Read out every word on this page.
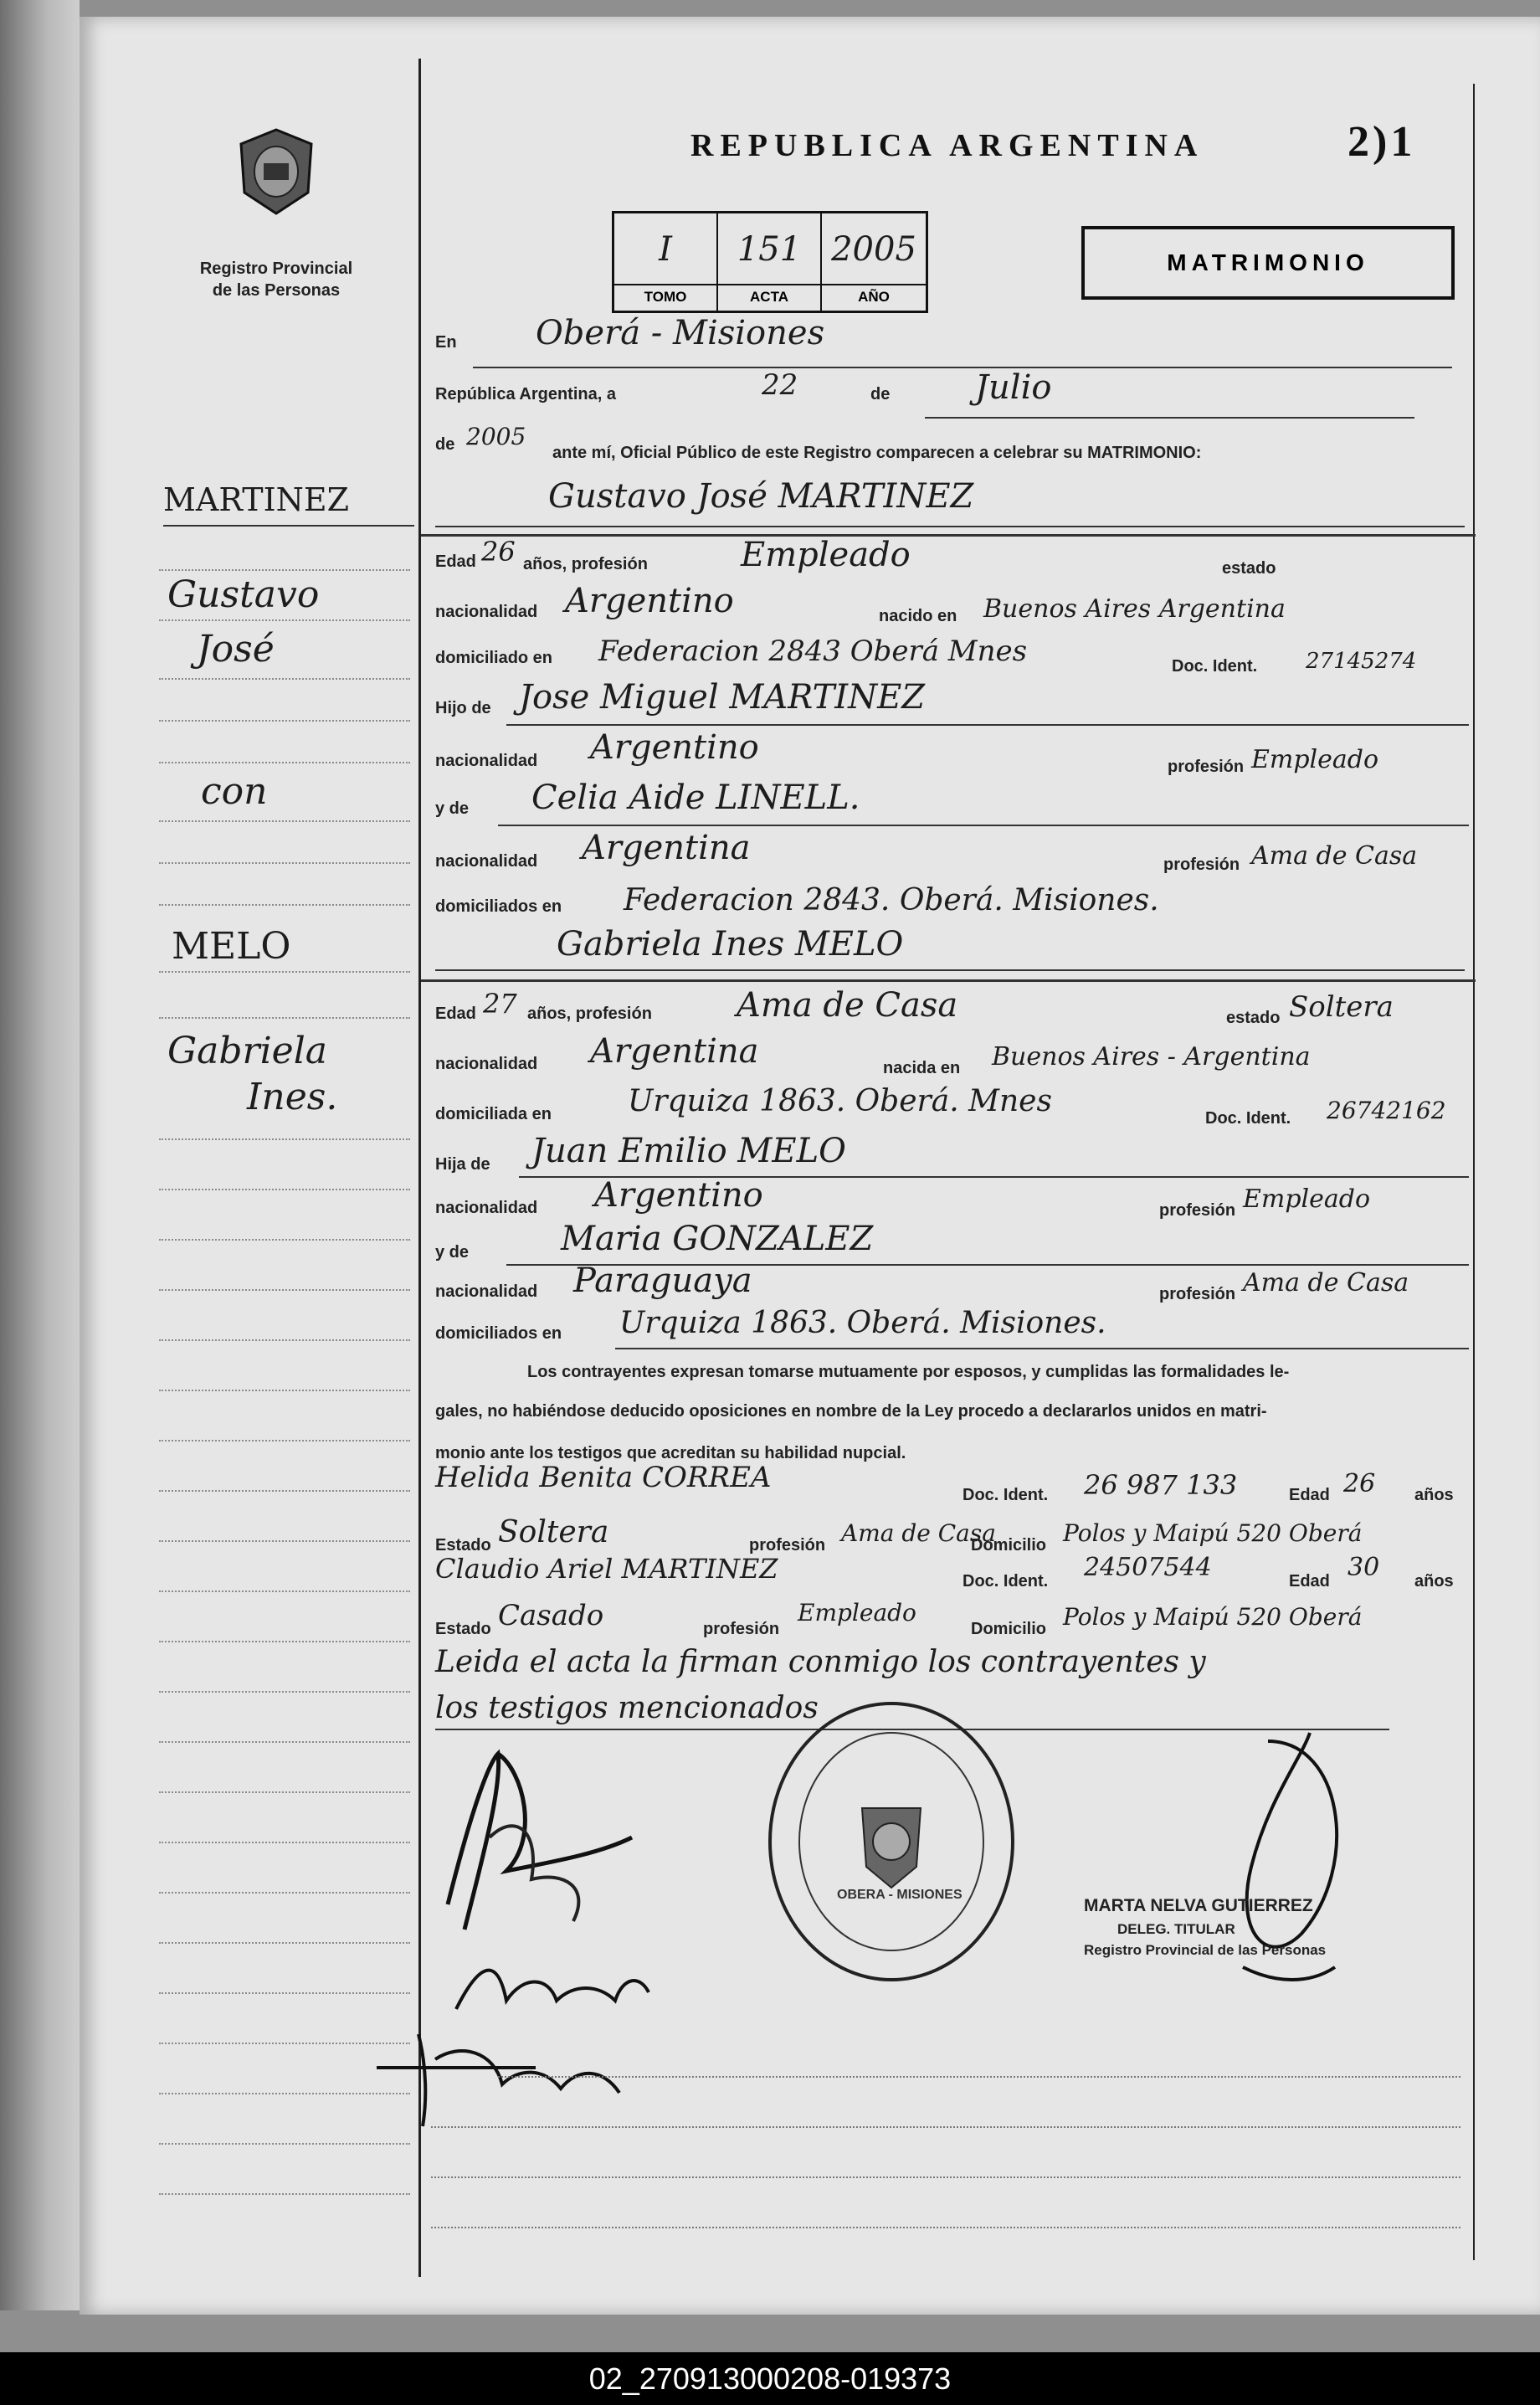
Registro Provincial de las Personas
REPUBLICA ARGENTINA	2)1
I
TOMO
151
ACTA
2005
AÑO
MATRIMONIO
En Oberá - Misiones
República Argentina, a	22	de	Julio
de 2005
ante mí, Oficial Público de este Registro comparecen a celebrar su MATRIMONIO:
MARTINEZ
Gustavo
José
con
MELO
Gabriela
Ines.
Gustavo José MARTINEZ
Edad 26 años, profesión	Empleado	estado
nacionalidad Argentino	nacido en Buenos Aires Argentina
domiciliado en Federacion 2843 Oberá Mnes	Doc. Ident. 27145274
Hijo de Jose Miguel MARTINEZ
nacionalidad Argentino	profesión Empleado
y de Celia Aide LINELL.
nacionalidad Argentina	profesión Ama de Casa
domiciliados en Federacion 2843. Oberá. Misiones.
Gabriela Ines MELO
Edad 27 años, profesión	Ama de Casa	estado Soltera
nacionalidad Argentina	nacida en Buenos Aires - Argentina
domiciliada en	Urquiza 1863. Oberá. Mnes	Doc. Ident. 26742162
Hija de Juan Emilio MELO
nacionalidad Argentino	profesión Empleado
y de	Maria GONZALEZ
nacionalidad Paraguaya	profesión Ama de Casa
domiciliados en Urquiza 1863. Oberá. Misiones.
Los contrayentes expresan tomarse mutuamente por esposos, y cumplidas las formalidades le-
gales, no habiéndose deducido oposiciones en nombre de la Ley procedo a declararlos unidos en matri-
monio ante los testigos que acreditan su habilidad nupcial.
Helida Benita CORREA
Doc. Ident. 26 987 133	Edad 26 años
Estado Soltera	profesión Ama de Casa
Domicilio Polos y Maipú 520 Oberá
Claudio Ariel MARTINEZ	Doc. Ident. 24507544	Edad 30 años
Estado Casado	profesión
Empleado
Domicilio Polos y Maipú 520 Oberá
Leida el acta la firman conmigo los contrayentes y
los testigos mencionados
OBERA - MISIONES
MARTA NELVA GUTIERREZ
DELEG. TITULAR
Registro Provincial de las Personas
02_270913000208-019373
